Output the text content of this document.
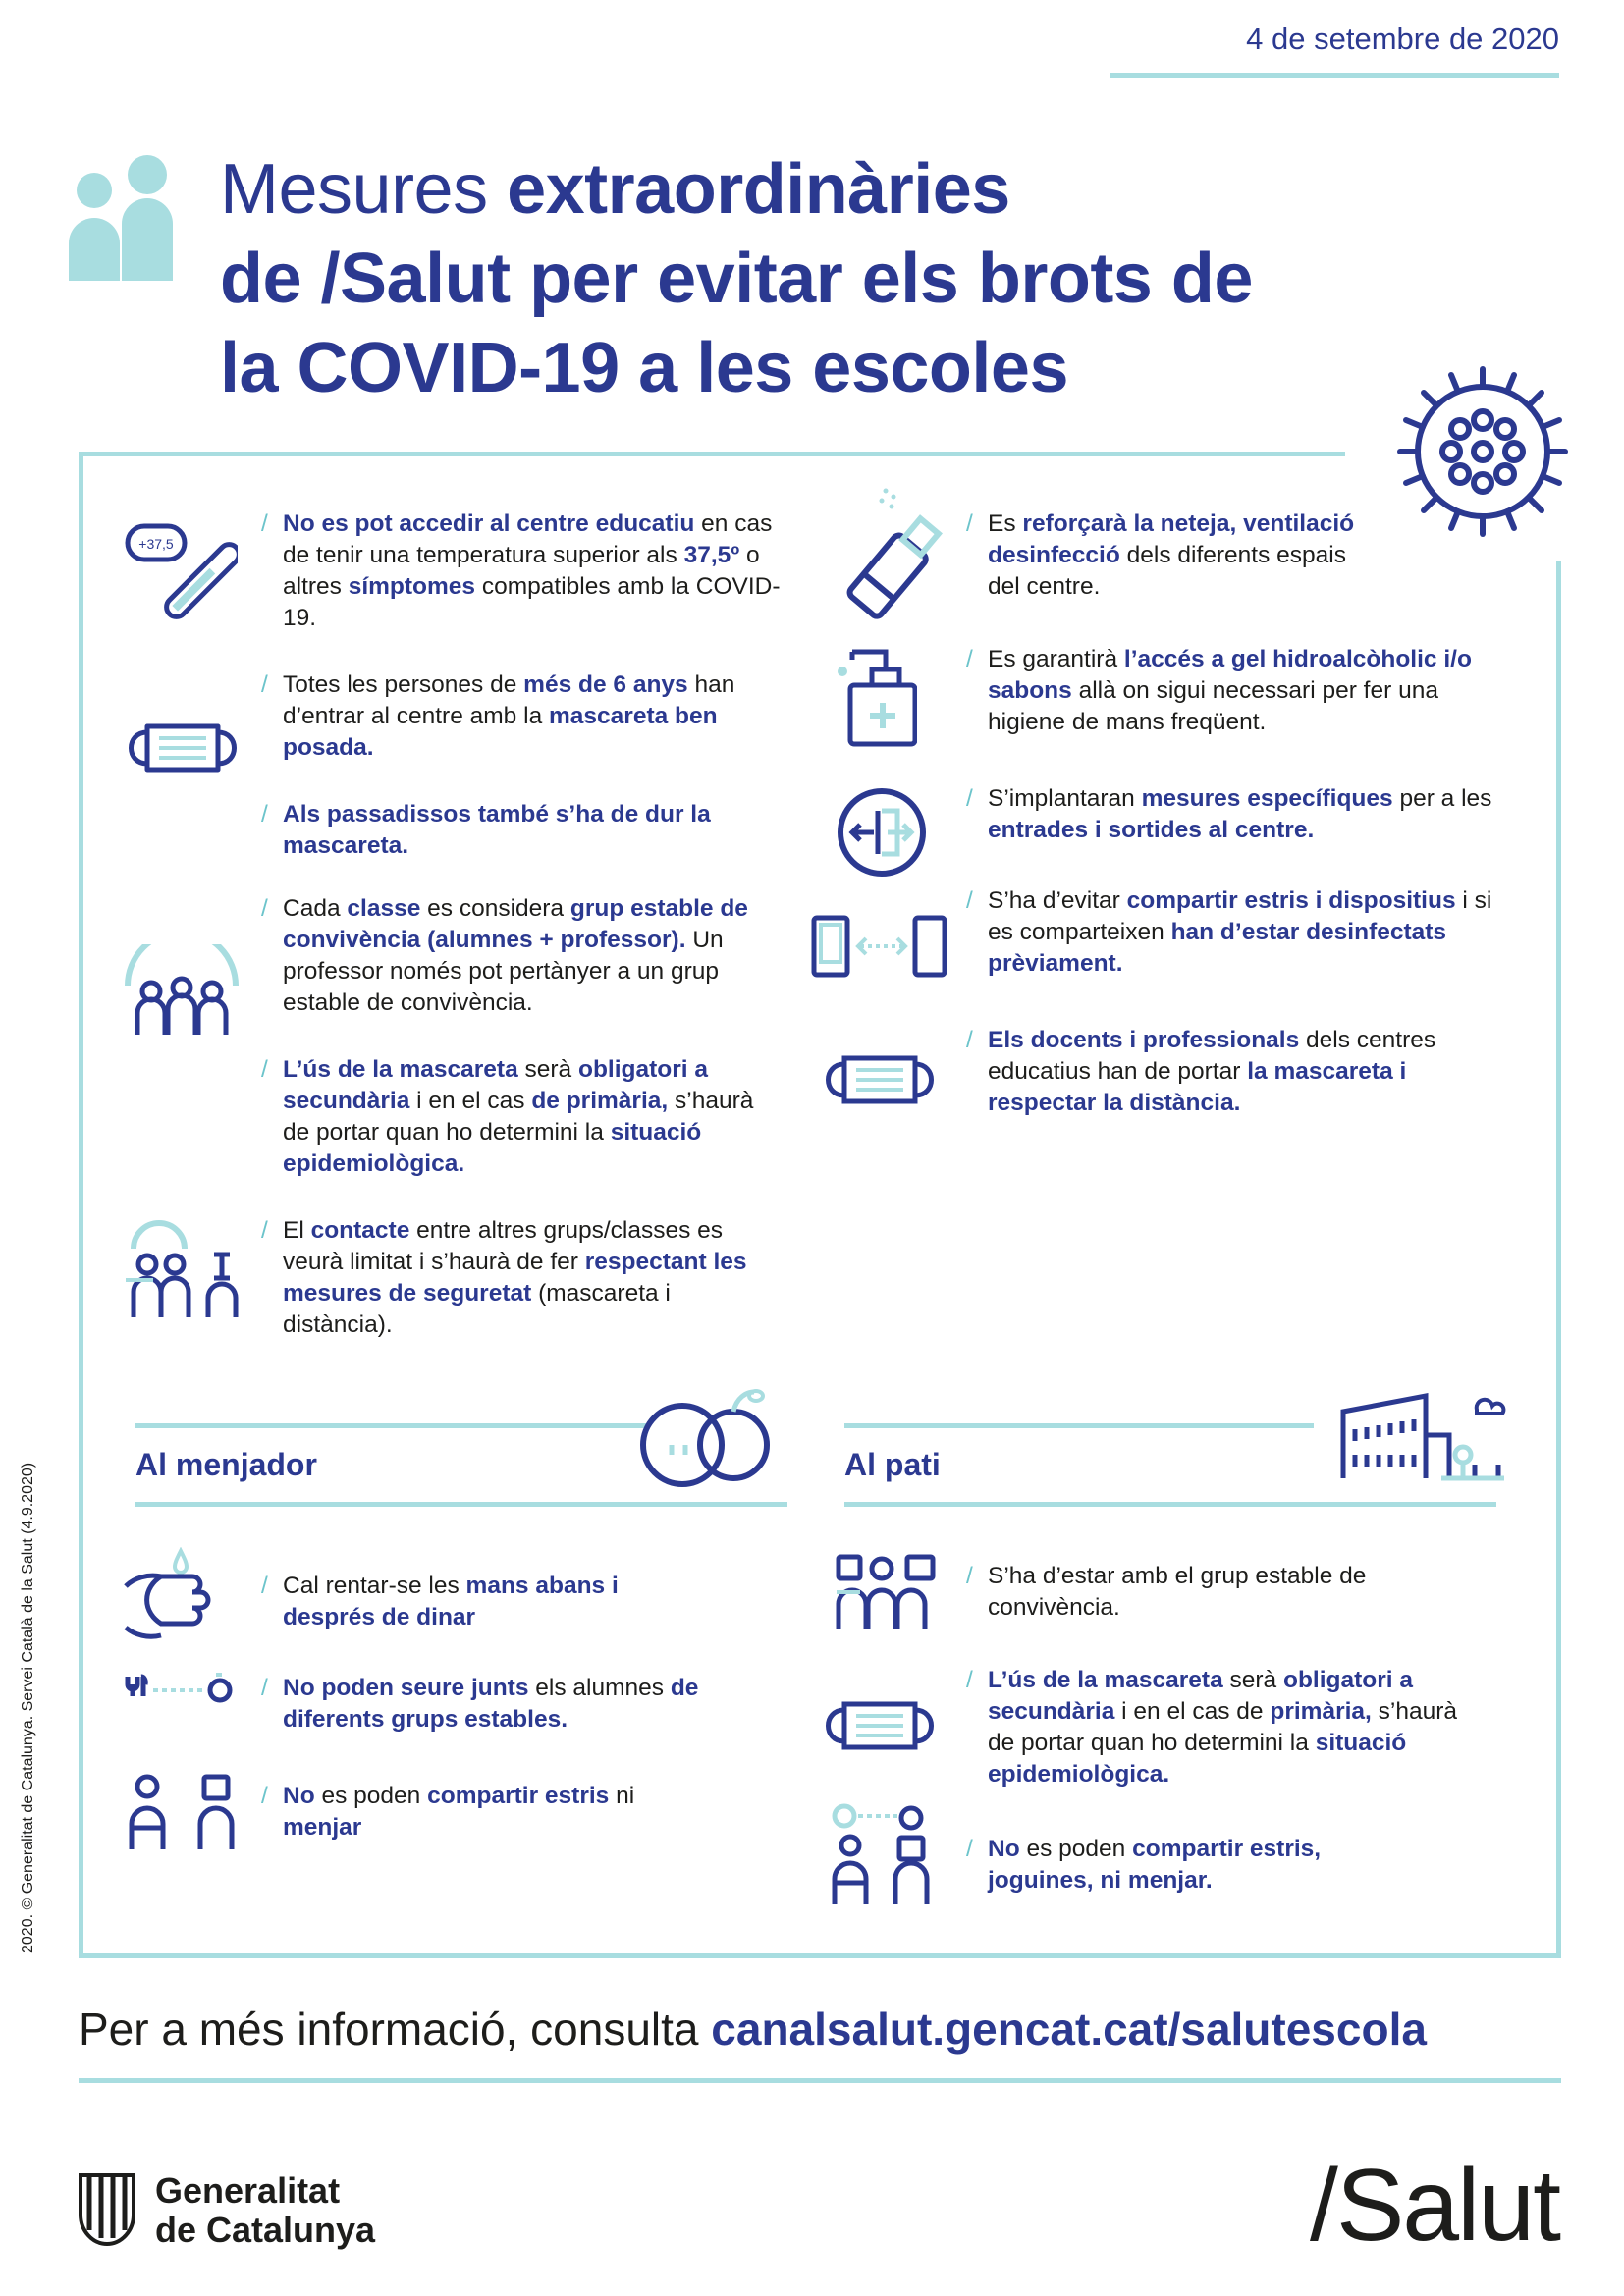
4 de setembre de 2020
Mesures extraordinàries
de /Salut per evitar els brots de
la COVID-19 a les escoles
+37,5
/ No es pot accedir al centre educatiu en cas de tenir una temperatura superior als 37,5º o altres símptomes compatibles amb la COVID-19.
/ Totes les persones de més de 6 anys han d’entrar al centre amb la mascareta ben posada.
/ Als passadissos també s’ha de dur la mascareta.
/ Cada classe es considera grup estable de convivència (alumnes + professor). Un professor només pot pertànyer a un grup estable de convivència.
/ L’ús de la mascareta serà obligatori a secundària i en el cas de primària, s’haurà de portar quan ho determini la situació epidemiològica.
/ El contacte entre altres grups/classes es veurà limitat i s’haurà de fer respectant les mesures de seguretat (mascareta i distància).
/ Es reforçarà la neteja, ventilació desinfecció dels diferents espais del centre.
/ Es garantirà l’accés a gel hidroalcòholic i/o sabons allà on sigui necessari per fer una higiene de mans freqüent.
/ S’implantaran mesures específiques per a les entrades i sortides al centre.
/ S’ha d’evitar compartir estris i dispositius i si es comparteixen han d’estar desinfectats prèviament.
/ Els docents i professionals dels centres educatius han de portar la mascareta i respectar la distància.
Al menjador
/ Cal rentar-se les mans abans i després de dinar
/ No poden seure junts els alumnes de diferents grups estables.
/ No es poden compartir estris ni menjar
Al pati
/ S’ha d’estar amb el grup estable de convivència.
/ L’ús de la mascareta serà obligatori a secundària i en el cas de primària, s’haurà de portar quan ho determini la situació epidemiològica.
/ No es poden compartir estris, joguines, ni menjar.
2020. © Generalitat de Catalunya. Servei Català de la Salut (4.9.2020)
Per a més informació, consulta canalsalut.gencat.cat/salutescola
Generalitat
de Catalunya	/Salut
